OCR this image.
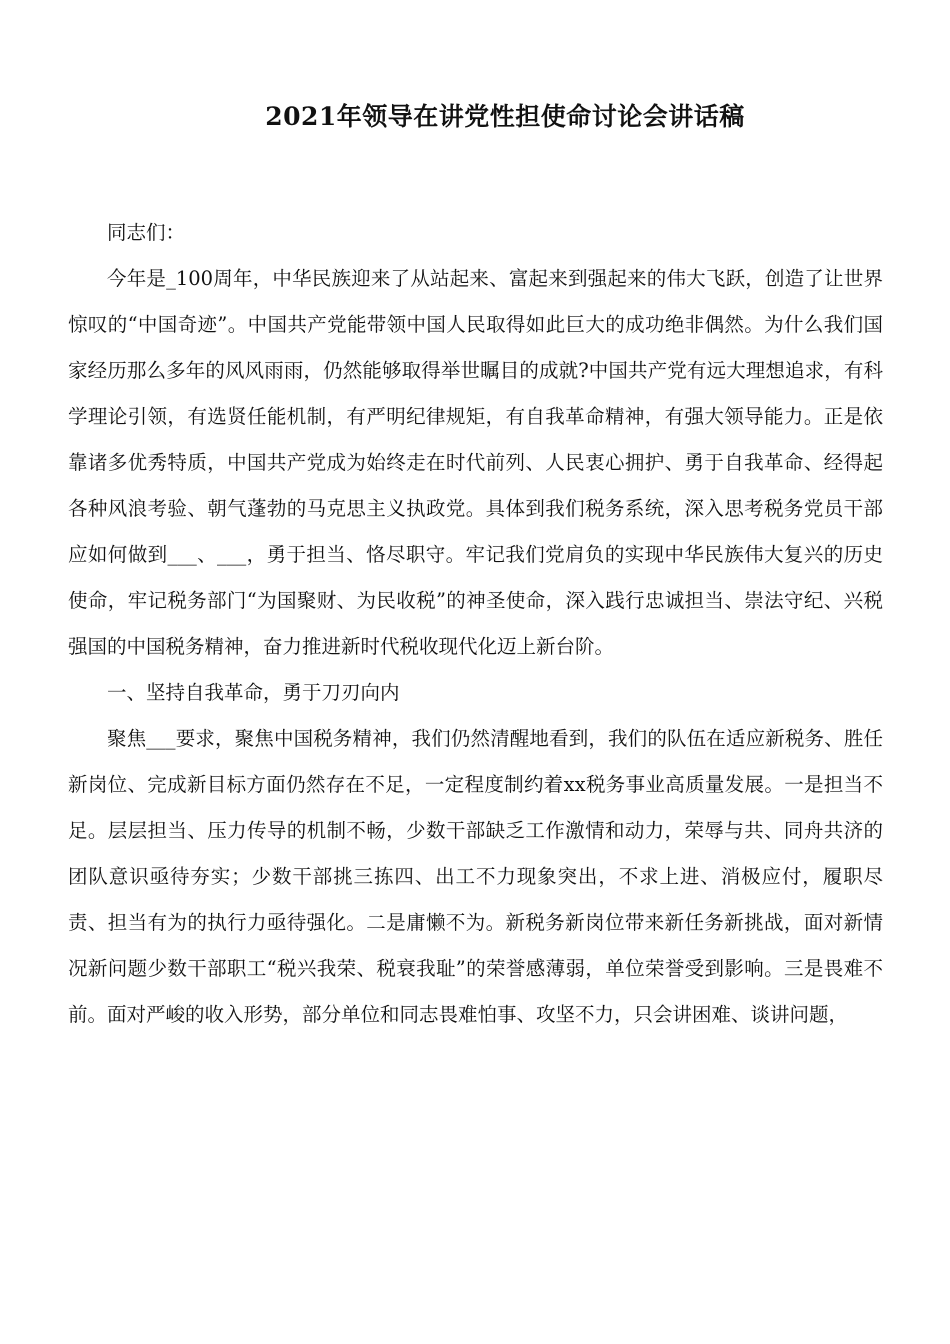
2021年领导在讲党性担使命讨论会讲话稿

同志们：

今年是_100周年，中华民族迎来了从站起来、富起来到强起来的伟大飞跃，创造了让世界惊叹的“中国奇迹”。中国共产党能带领中国人民取得如此巨大的成功绝非偶然。为什么我们国家经历那么多年的风风雨雨，仍然能够取得举世瞩目的成就?中国共产党有远大理想追求，有科学理论引领，有选贤任能机制，有严明纪律规矩，有自我革命精神，有强大领导能力。正是依靠诸多优秀特质，中国共产党成为始终走在时代前列、人民衷心拥护、勇于自我革命、经得起各种风浪考验、朝气蓬勃的马克思主义执政党。具体到我们税务系统，深入思考税务党员干部应如何做到___、___，勇于担当、恪尽职守。牢记我们党肩负的实现中华民族伟大复兴的历史使命，牢记税务部门“为国聚财、为民收税”的神圣使命，深入践行忠诚担当、崇法守纪、兴税强国的中国税务精神，奋力推进新时代税收现代化迈上新台阶。

一、坚持自我革命，勇于刀刃向内

聚焦___要求，聚焦中国税务精神，我们仍然清醒地看到，我们的队伍在适应新税务、胜任新岗位、完成新目标方面仍然存在不足，一定程度制约着xx税务事业高质量发展。一是担当不足。层层担当、压力传导的机制不畅，少数干部缺乏工作激情和动力，荣辱与共、同舟共济的团队意识亟待夯实；少数干部挑三拣四、出工不力现象突出，不求上进、消极应付，履职尽责、担当有为的执行力亟待强化。二是庸懒不为。新税务新岗位带来新任务新挑战，面对新情况新问题少数干部职工“税兴我荣、税衰我耻”的荣誉感薄弱，单位荣誉受到影响。三是畏难不前。面对严峻的收入形势，部分单位和同志畏难怕事、攻坚不力，只会讲困难、谈讲问题，
